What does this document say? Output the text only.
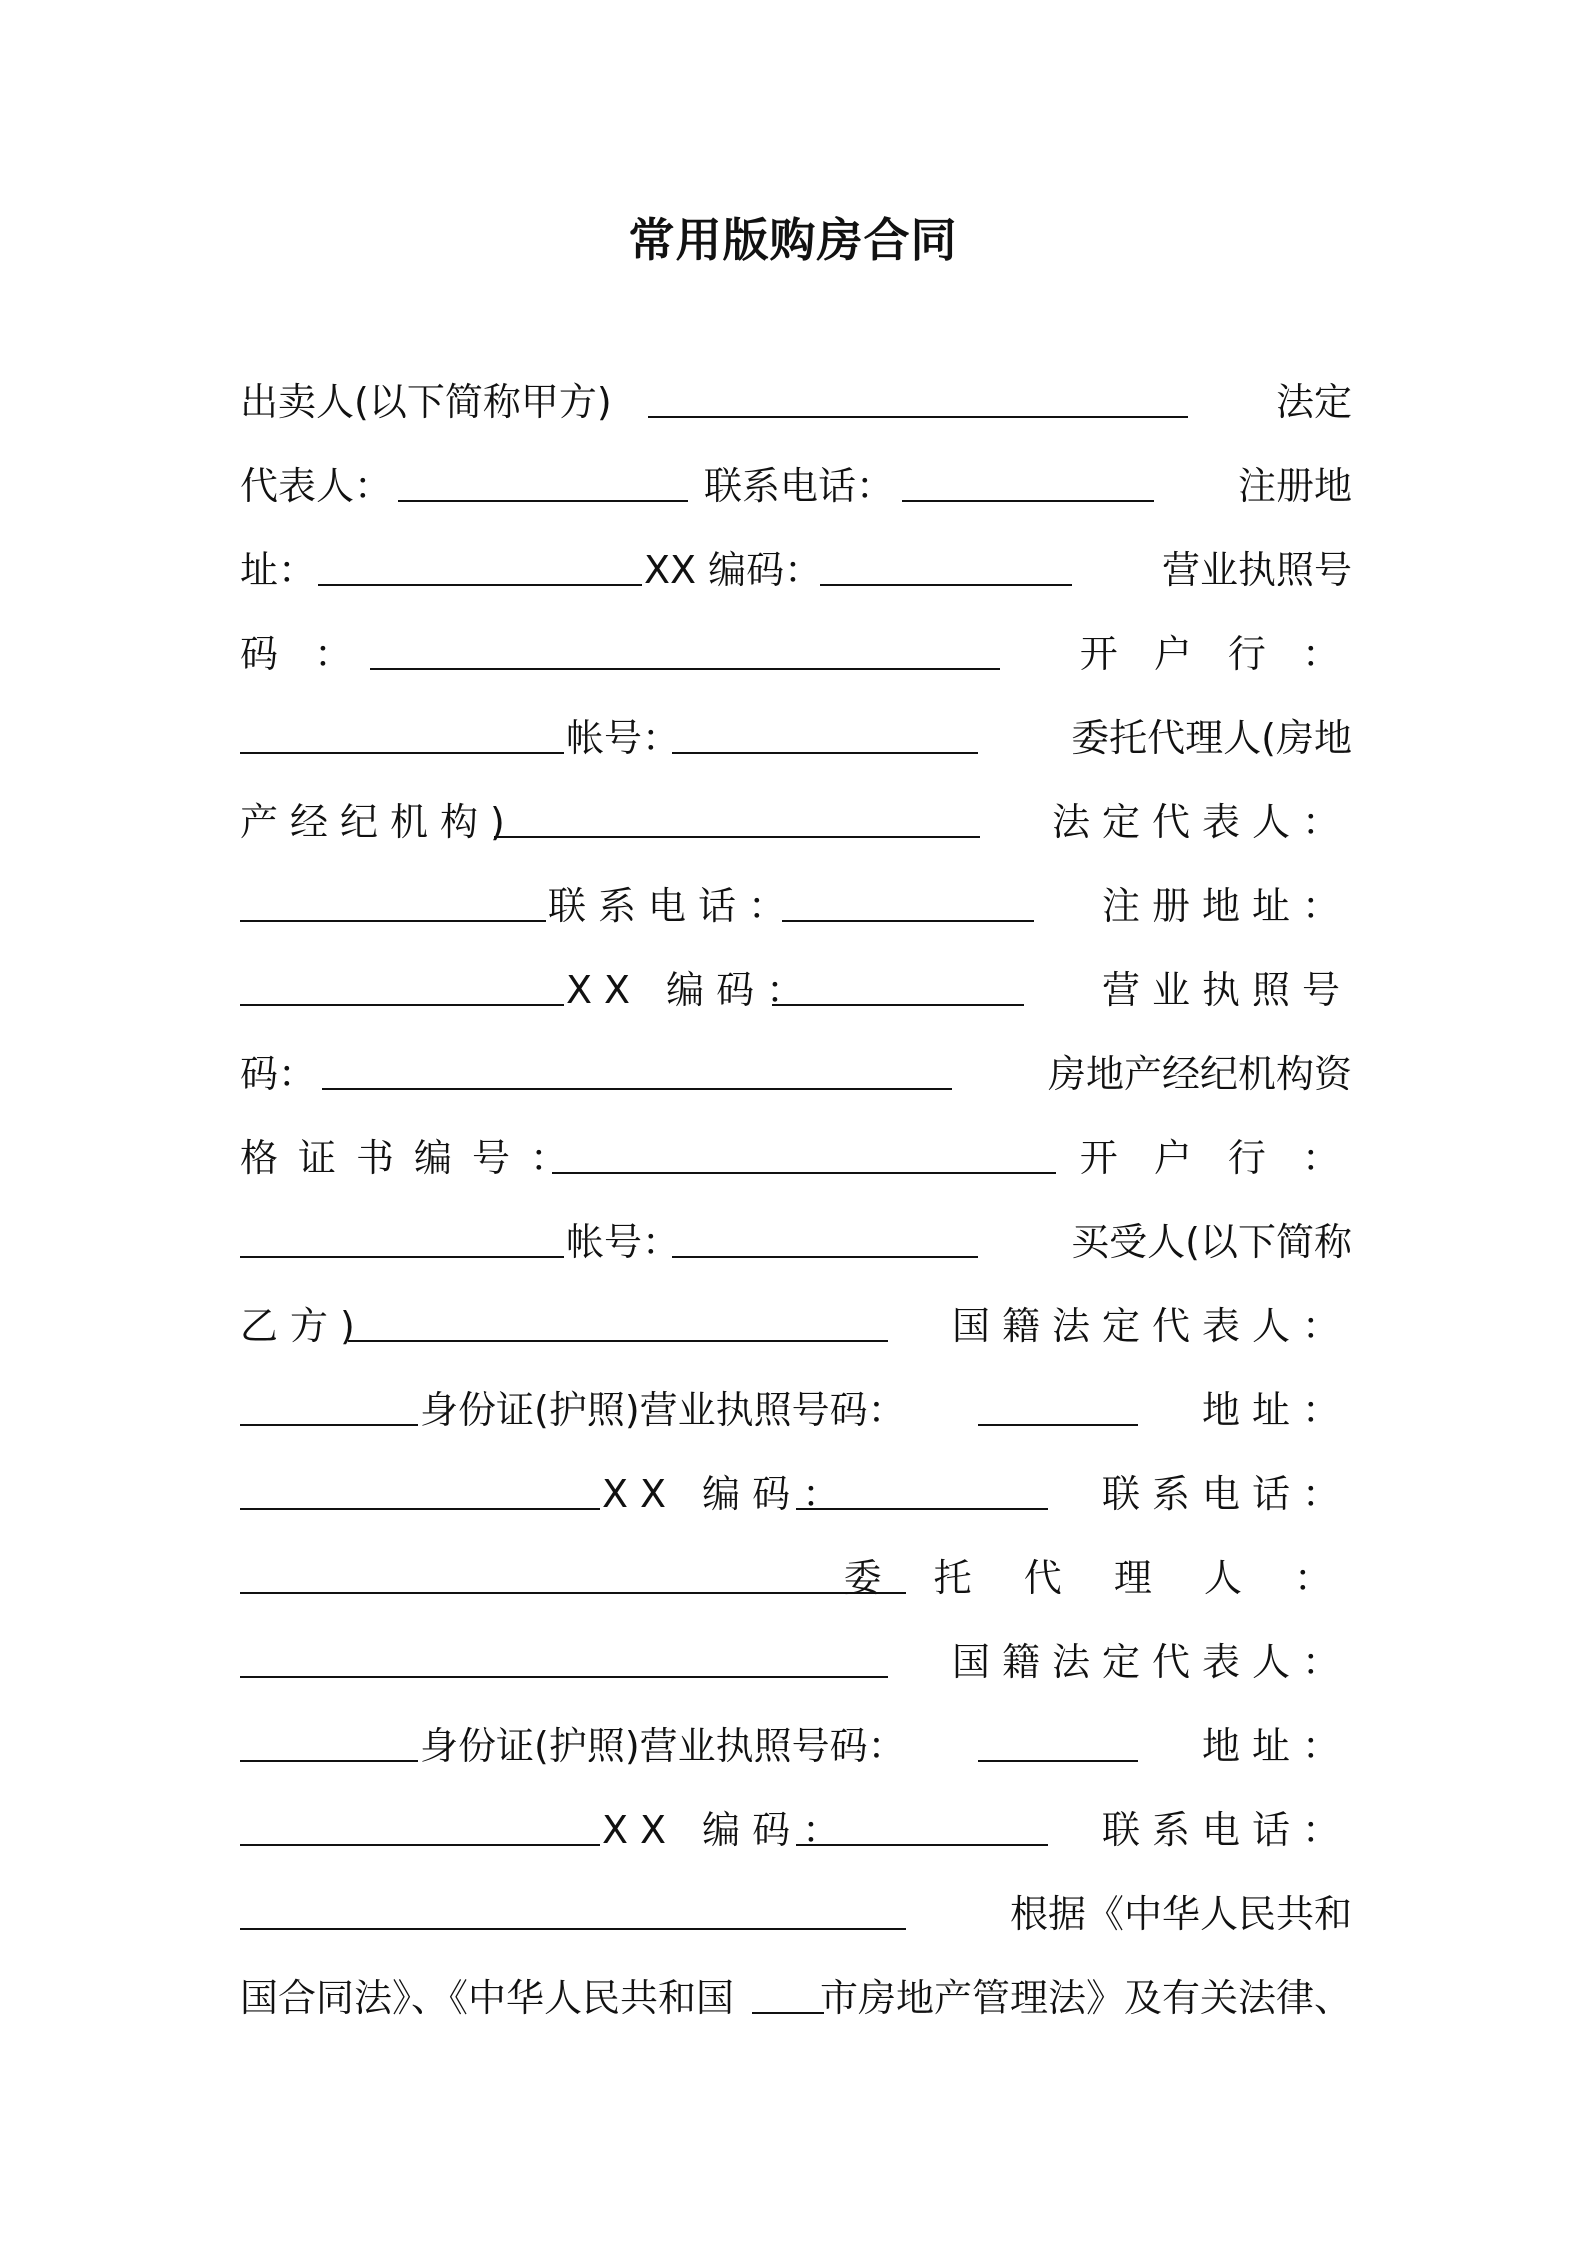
常用版购房合同
出卖人(以下简称甲方)	法定
代表人：	联系电话：	注册地
址：	XX 编码：	营业执照号
码 ：	开 户 行 ：
帐号：	委托代理人(房地
产经纪机构)	法定代表人：
联系电话：	注册地址：
XX 编码：	营业执照号
码：	房地产经纪机构资
格证书编号：	开 户 行 ：
帐号：	买受人(以下简称
乙方)	国籍法定代表人：
身份证(护照)营业执照号码：	地址：
XX 编码：	联系电话：
委 托 代 理 人 ：
国籍法定代表人：
身份证(护照)营业执照号码：	地址：
XX 编码：	联系电话：
根据《中华人民共和
国合同法》、《中华人民共和国 市房地产管理法》及有关法律、
